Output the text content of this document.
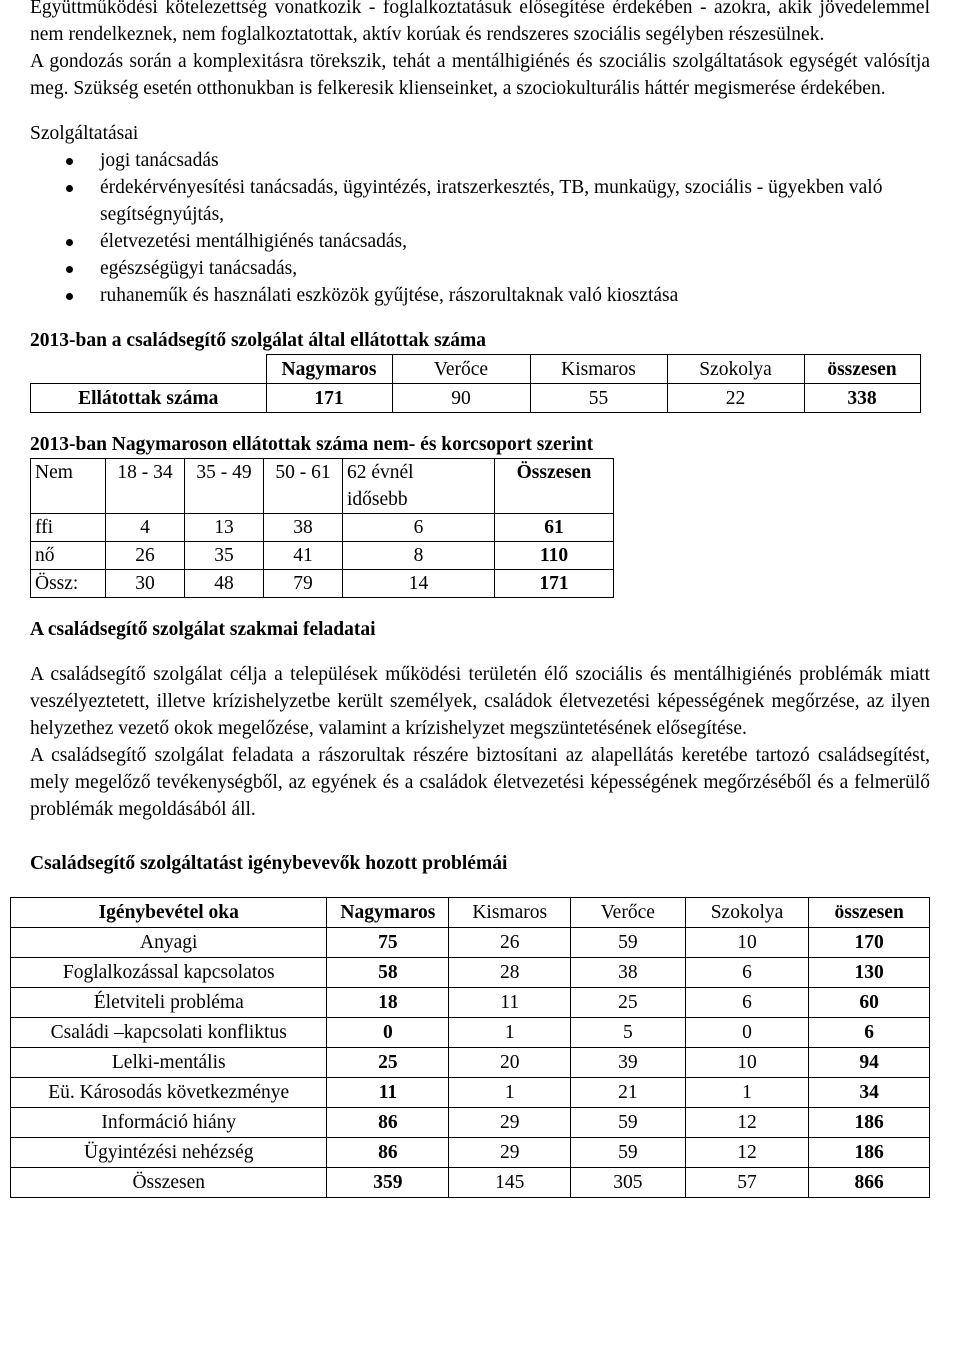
Együttműködési kötelezettség vonatkozik - foglalkoztatásuk elősegítése érdekében - azokra, akik jövedelemmel nem rendelkeznek, nem foglalkoztatottak, aktív korúak és rendszeres szociális segélyben részesülnek.

A gondozás során a komplexitásra törekszik, tehát a mentálhigiénés és szociális szolgáltatások egységét valósítja meg. Szükség esetén otthonukban is felkeresik klienseinket, a szociokulturális háttér megismerése érdekében.

Szolgáltatásai

jogi tanácsadás
érdekérvényesítési tanácsadás, ügyintézés, iratszerkesztés, TB, munkaügy, szociális - ügyekben való segítségnyújtás,
életvezetési mentálhigiénés tanácsadás,
egészségügyi tanácsadás,
ruhaneműk és használati eszközök gyűjtése, rászorultaknak való kiosztása

2013-ban a családsegítő szolgálat által ellátottak száma

	Nagymaros	Verőce	Kismaros	Szokolya	összesen
Ellátottak száma	171	90	55	22	338

2013-ban Nagymaroson ellátottak száma nem- és korcsoport szerint

Nem	18 - 34	35 - 49	50 - 61	62 évnél idősebb	Összesen
ffi	4	13	38	6	61
nő	26	35	41	8	110
Össz:	30	48	79	14	171

A családsegítő szolgálat szakmai feladatai

A családsegítő szolgálat célja a települések működési területén élő szociális és mentálhigiénés problémák miatt veszélyeztetett, illetve krízishelyzetbe került személyek, családok életvezetési képességének megőrzése, az ilyen helyzethez vezető okok megelőzése, valamint a krízishelyzet megszüntetésének elősegítése.

A családsegítő szolgálat feladata a rászorultak részére biztosítani az alapellátás keretébe tartozó családsegítést, mely megelőző tevékenységből, az egyének és a családok életvezetési képességének megőrzéséből és a felmerülő problémák megoldásából áll.

Családsegítő szolgáltatást igénybevevők hozott problémái

Igénybevétel oka	Nagymaros	Kismaros	Verőce	Szokolya	összesen
Anyagi	75	26	59	10	170
Foglalkozással kapcsolatos	58	28	38	6	130
Életviteli probléma	18	11	25	6	60
Családi –kapcsolati konfliktus	0	1	5	0	6
Lelki-mentális	25	20	39	10	94
Eü. Károsodás következménye	11	1	21	1	34
Információ hiány	86	29	59	12	186
Ügyintézési nehézség	86	29	59	12	186
Összesen	359	145	305	57	866
